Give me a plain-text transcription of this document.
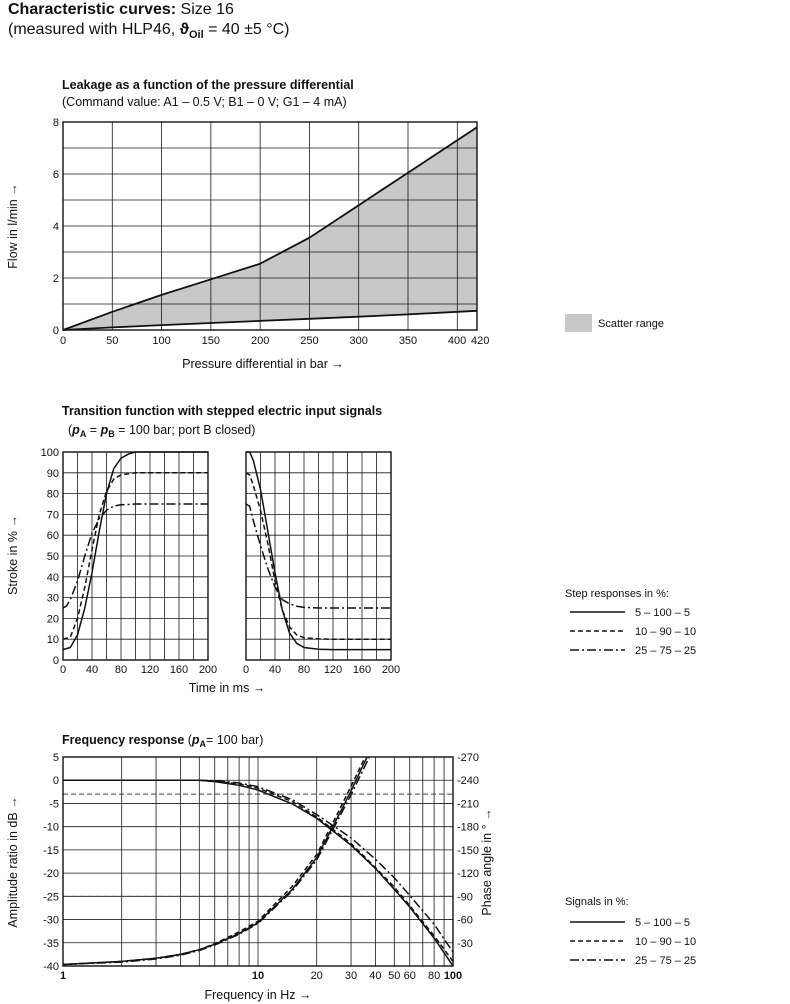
Characteristic curves: Size 16
(measured with HLP46, $ϑ_{Oil} = 40 \pm 5$ °C)
Leakage as a function of the pressure differential
(Command value: A1 – 0.5 V; B1 – 0 V; G1 – 4 mA)
Pressure differential in bar →
Flow in l/min →
Scatter range
0	50	100	150	200	250	300	350	400 420
0
2
4
6
8
Transition function with stepped electric input signals
($p_A = p_B = 100$ bar; port B closed)
Time in ms →
Stroke in % →	Step responses in %:
5 – 100 – 5
10 – 90 – 10
25 – 75 – 25
0 40 80 120 160 200 0 40 80 120 160 200
0
10
20
30
40
50
60
70
80
90
100
Frequency response ($p_A= 100$ bar)
Frequency in Hz →
Amplitude ratio in dB →	Phase angle in ° →	Signals in %:
5 – 100 – 5
10 – 90 – 10
25 – 75 – 25
1	10	20 30 40 50 60 80 100
5
0
-5
-10
-15
-20
-25
-30
-35
-40
-270
-240
-210
-180
-150
-120
-90
-60
-30
